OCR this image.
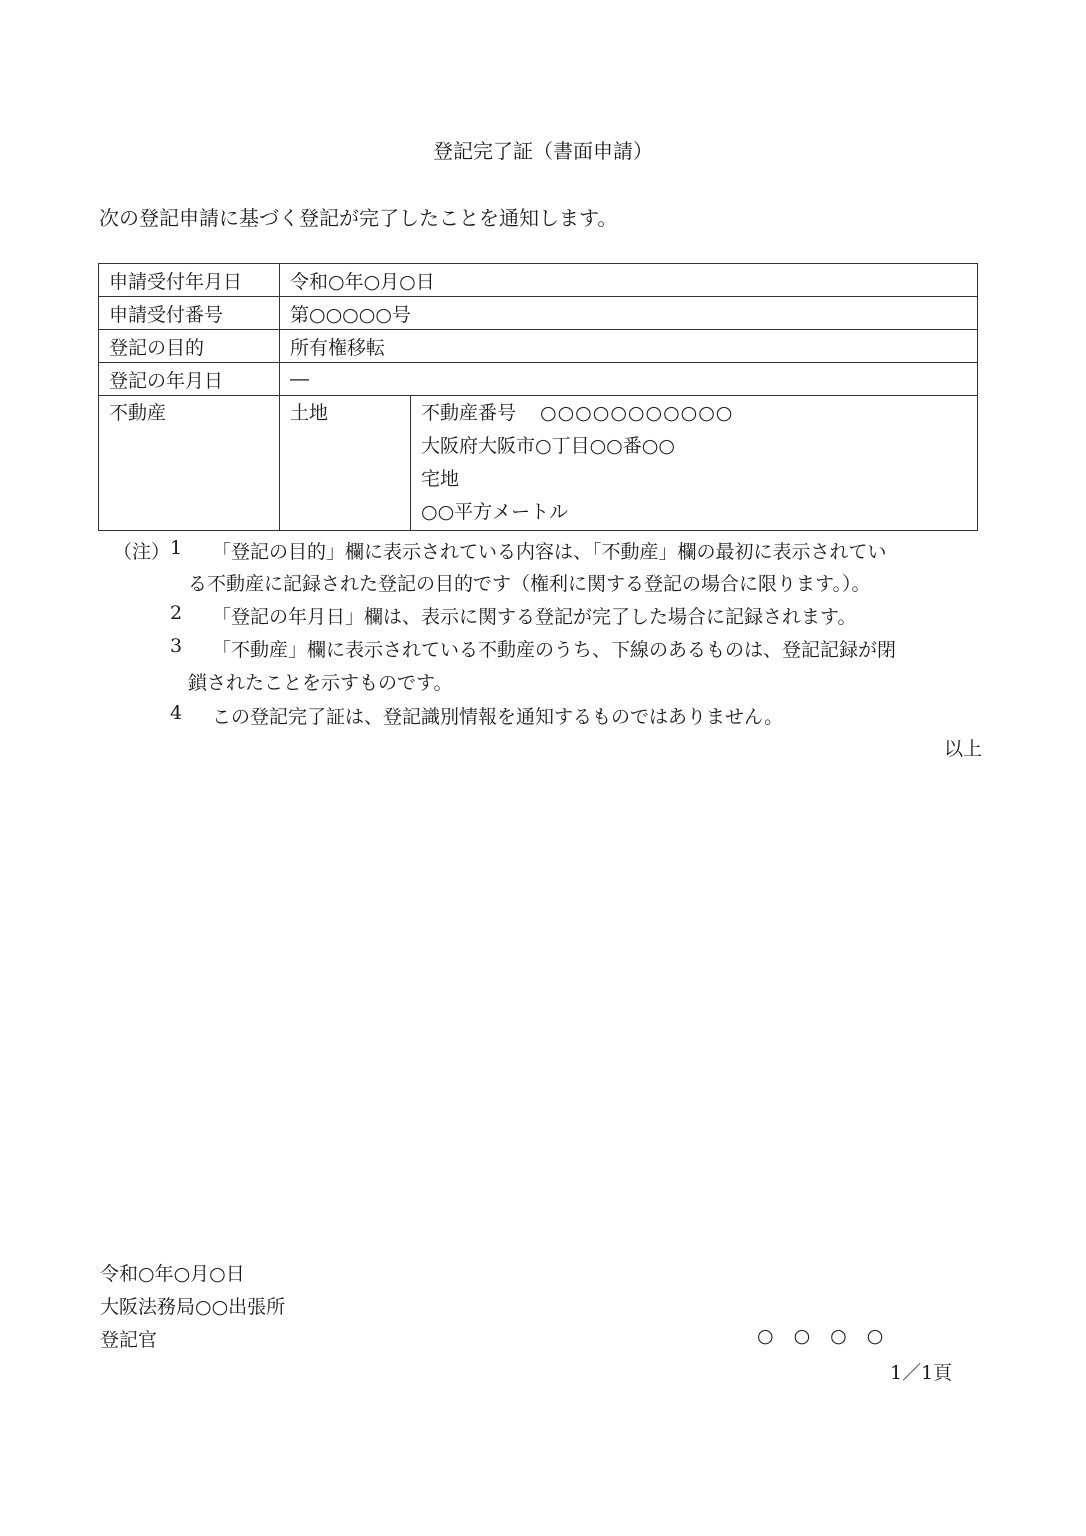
登記完了証（書面申請）
次の登記申請に基づく登記が完了したことを通知します。
申請受付年月日	令和○年○月○日	
申請受付番号	第○○○○○号	
登記の目的	所有権移転	
登記の年月日	―	
不動産	土地	不動産番号 ○○○○○○○○○○○
大阪府大阪市○丁目○○番○○
宅地
○○平方メートル
（注） 1 「登記の目的」欄に表示されている内容は、「不動産」欄の最初に表示されてい
る不動産に記録された登記の目的です（権利に関する登記の場合に限ります。）。
2 「登記の年月日」欄は、表示に関する登記が完了した場合に記録されます。
3 「不動産」欄に表示されている不動産のうち、下線のあるものは、登記記録が閉
鎖されたことを示すものです。
4 この登記完了証は、登記識別情報を通知するものではありません。
以上
令和○年○月○日
大阪法務局○○出張所
登記官	○○○○
1／1頁
